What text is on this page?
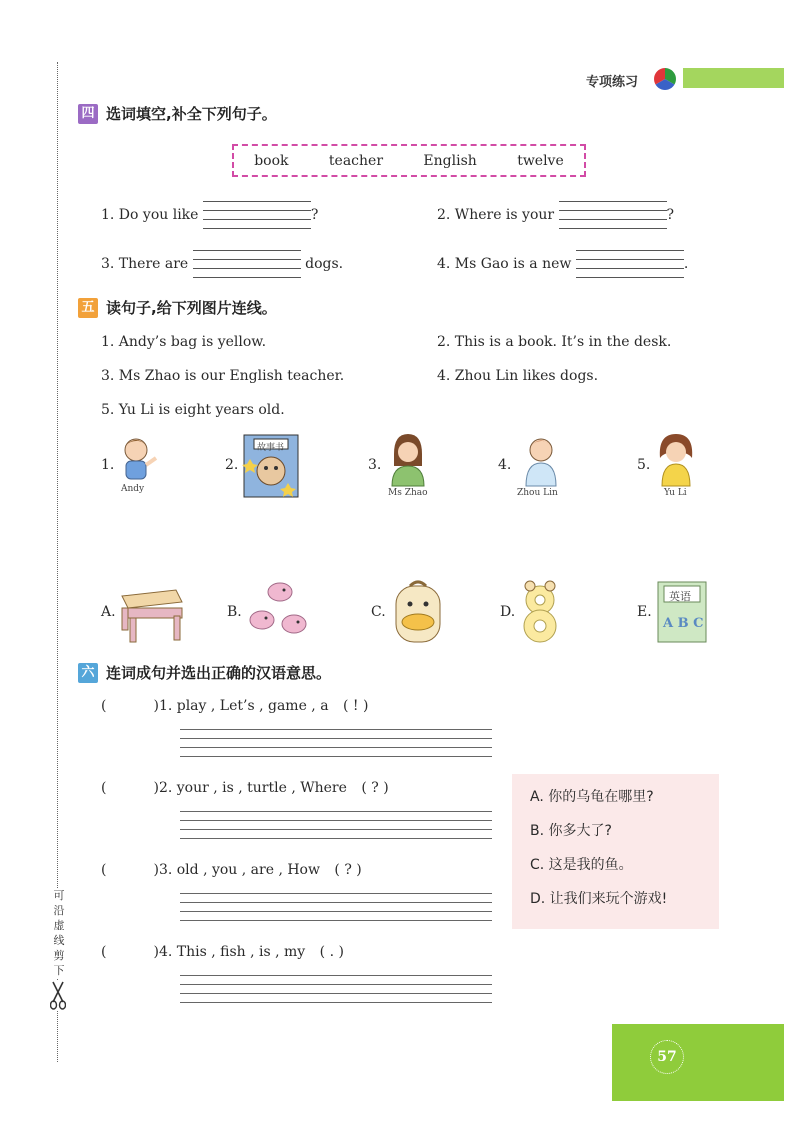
可沿虚线剪下
专项练习
四 选词填空,补全下列句子。
book	teacher	English	twelve
1. Do you like	?	2. Where is your	?
3. There are	dogs.	4. Ms Gao is a new	.
五 读句子,给下列图片连线。
1. Andy’s bag is yellow.	2. This is a book. It’s in the desk.
3. Ms Zhao is our English teacher.	4. Zhou Lin likes dogs.
5. Yu Li is eight years old.
1.
Andy
2.
故事书
3.
Ms Zhao
4.
Zhou Lin
5.
Yu Li
A.	B.	C.	D.	E.
英语
A B C
六 连词成句并选出正确的汉语意思。
(	)1. play , Let’s , game , a ( ! )
(	)2. your , is , turtle , Where ( ? )
(	)3. old , you , are , How ( ? )
(	)4. This , fish , is , my ( . )
A. 你的乌龟在哪里?
B. 你多大了?
C. 这是我的鱼。
D. 让我们来玩个游戏!
57
